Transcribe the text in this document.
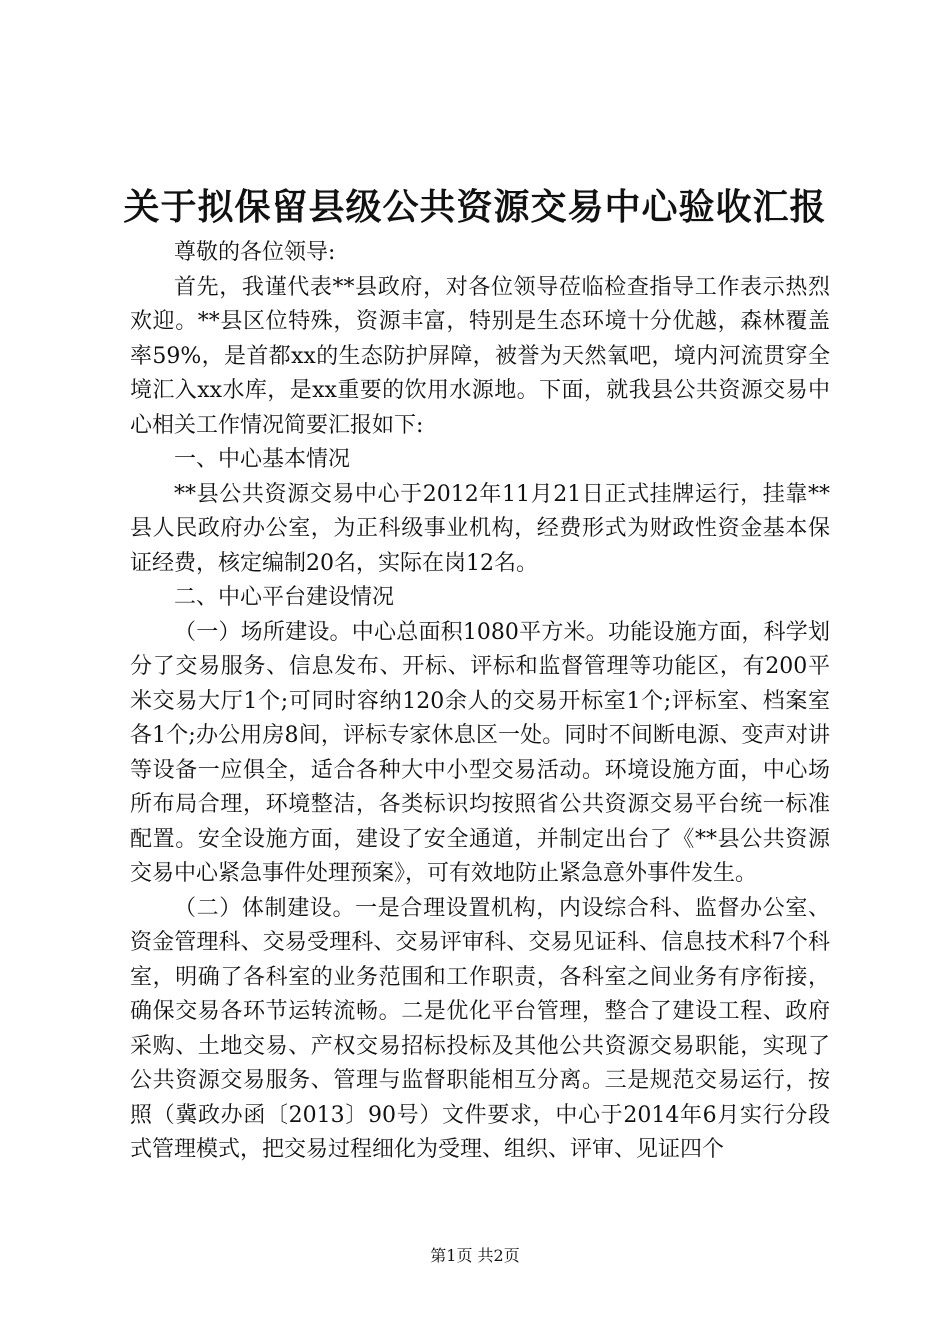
关于拟保留县级公共资源交易中心验收汇报

尊敬的各位领导:

首先，我谨代表**县政府，对各位领导莅临检查指导工作表示热烈欢迎。**县区位特殊，资源丰富，特别是生态环境十分优越，森林覆盖率59%，是首都xx的生态防护屏障，被誉为天然氧吧，境内河流贯穿全境汇入xx水库，是xx重要的饮用水源地。下面，就我县公共资源交易中心相关工作情况简要汇报如下:

一、中心基本情况

**县公共资源交易中心于2012年11月21日正式挂牌运行，挂靠**县人民政府办公室，为正科级事业机构，经费形式为财政性资金基本保证经费，核定编制20名，实际在岗12名。

二、中心平台建设情况

（一）场所建设。中心总面积1080平方米。功能设施方面，科学划分了交易服务、信息发布、开标、评标和监督管理等功能区，有200平米交易大厅1个;可同时容纳120余人的交易开标室1个;评标室、档案室各1个;办公用房8间，评标专家休息区一处。同时不间断电源、变声对讲等设备一应俱全，适合各种大中小型交易活动。环境设施方面，中心场所布局合理，环境整洁，各类标识均按照省公共资源交易平台统一标准配置。安全设施方面，建设了安全通道，并制定出台了《**县公共资源交易中心紧急事件处理预案》，可有效地防止紧急意外事件发生。

（二）体制建设。一是合理设置机构，内设综合科、监督办公室、资金管理科、交易受理科、交易评审科、交易见证科、信息技术科7个科室，明确了各科室的业务范围和工作职责，各科室之间业务有序衔接，确保交易各环节运转流畅。二是优化平台管理，整合了建设工程、政府采购、土地交易、产权交易招标投标及其他公共资源交易职能，实现了公共资源交易服务、管理与监督职能相互分离。三是规范交易运行，按照（冀政办函〔2013〕90号）文件要求，中心于2014年6月实行分段式管理模式，把交易过程细化为受理、组织、评审、见证四个

第1页 共2页
